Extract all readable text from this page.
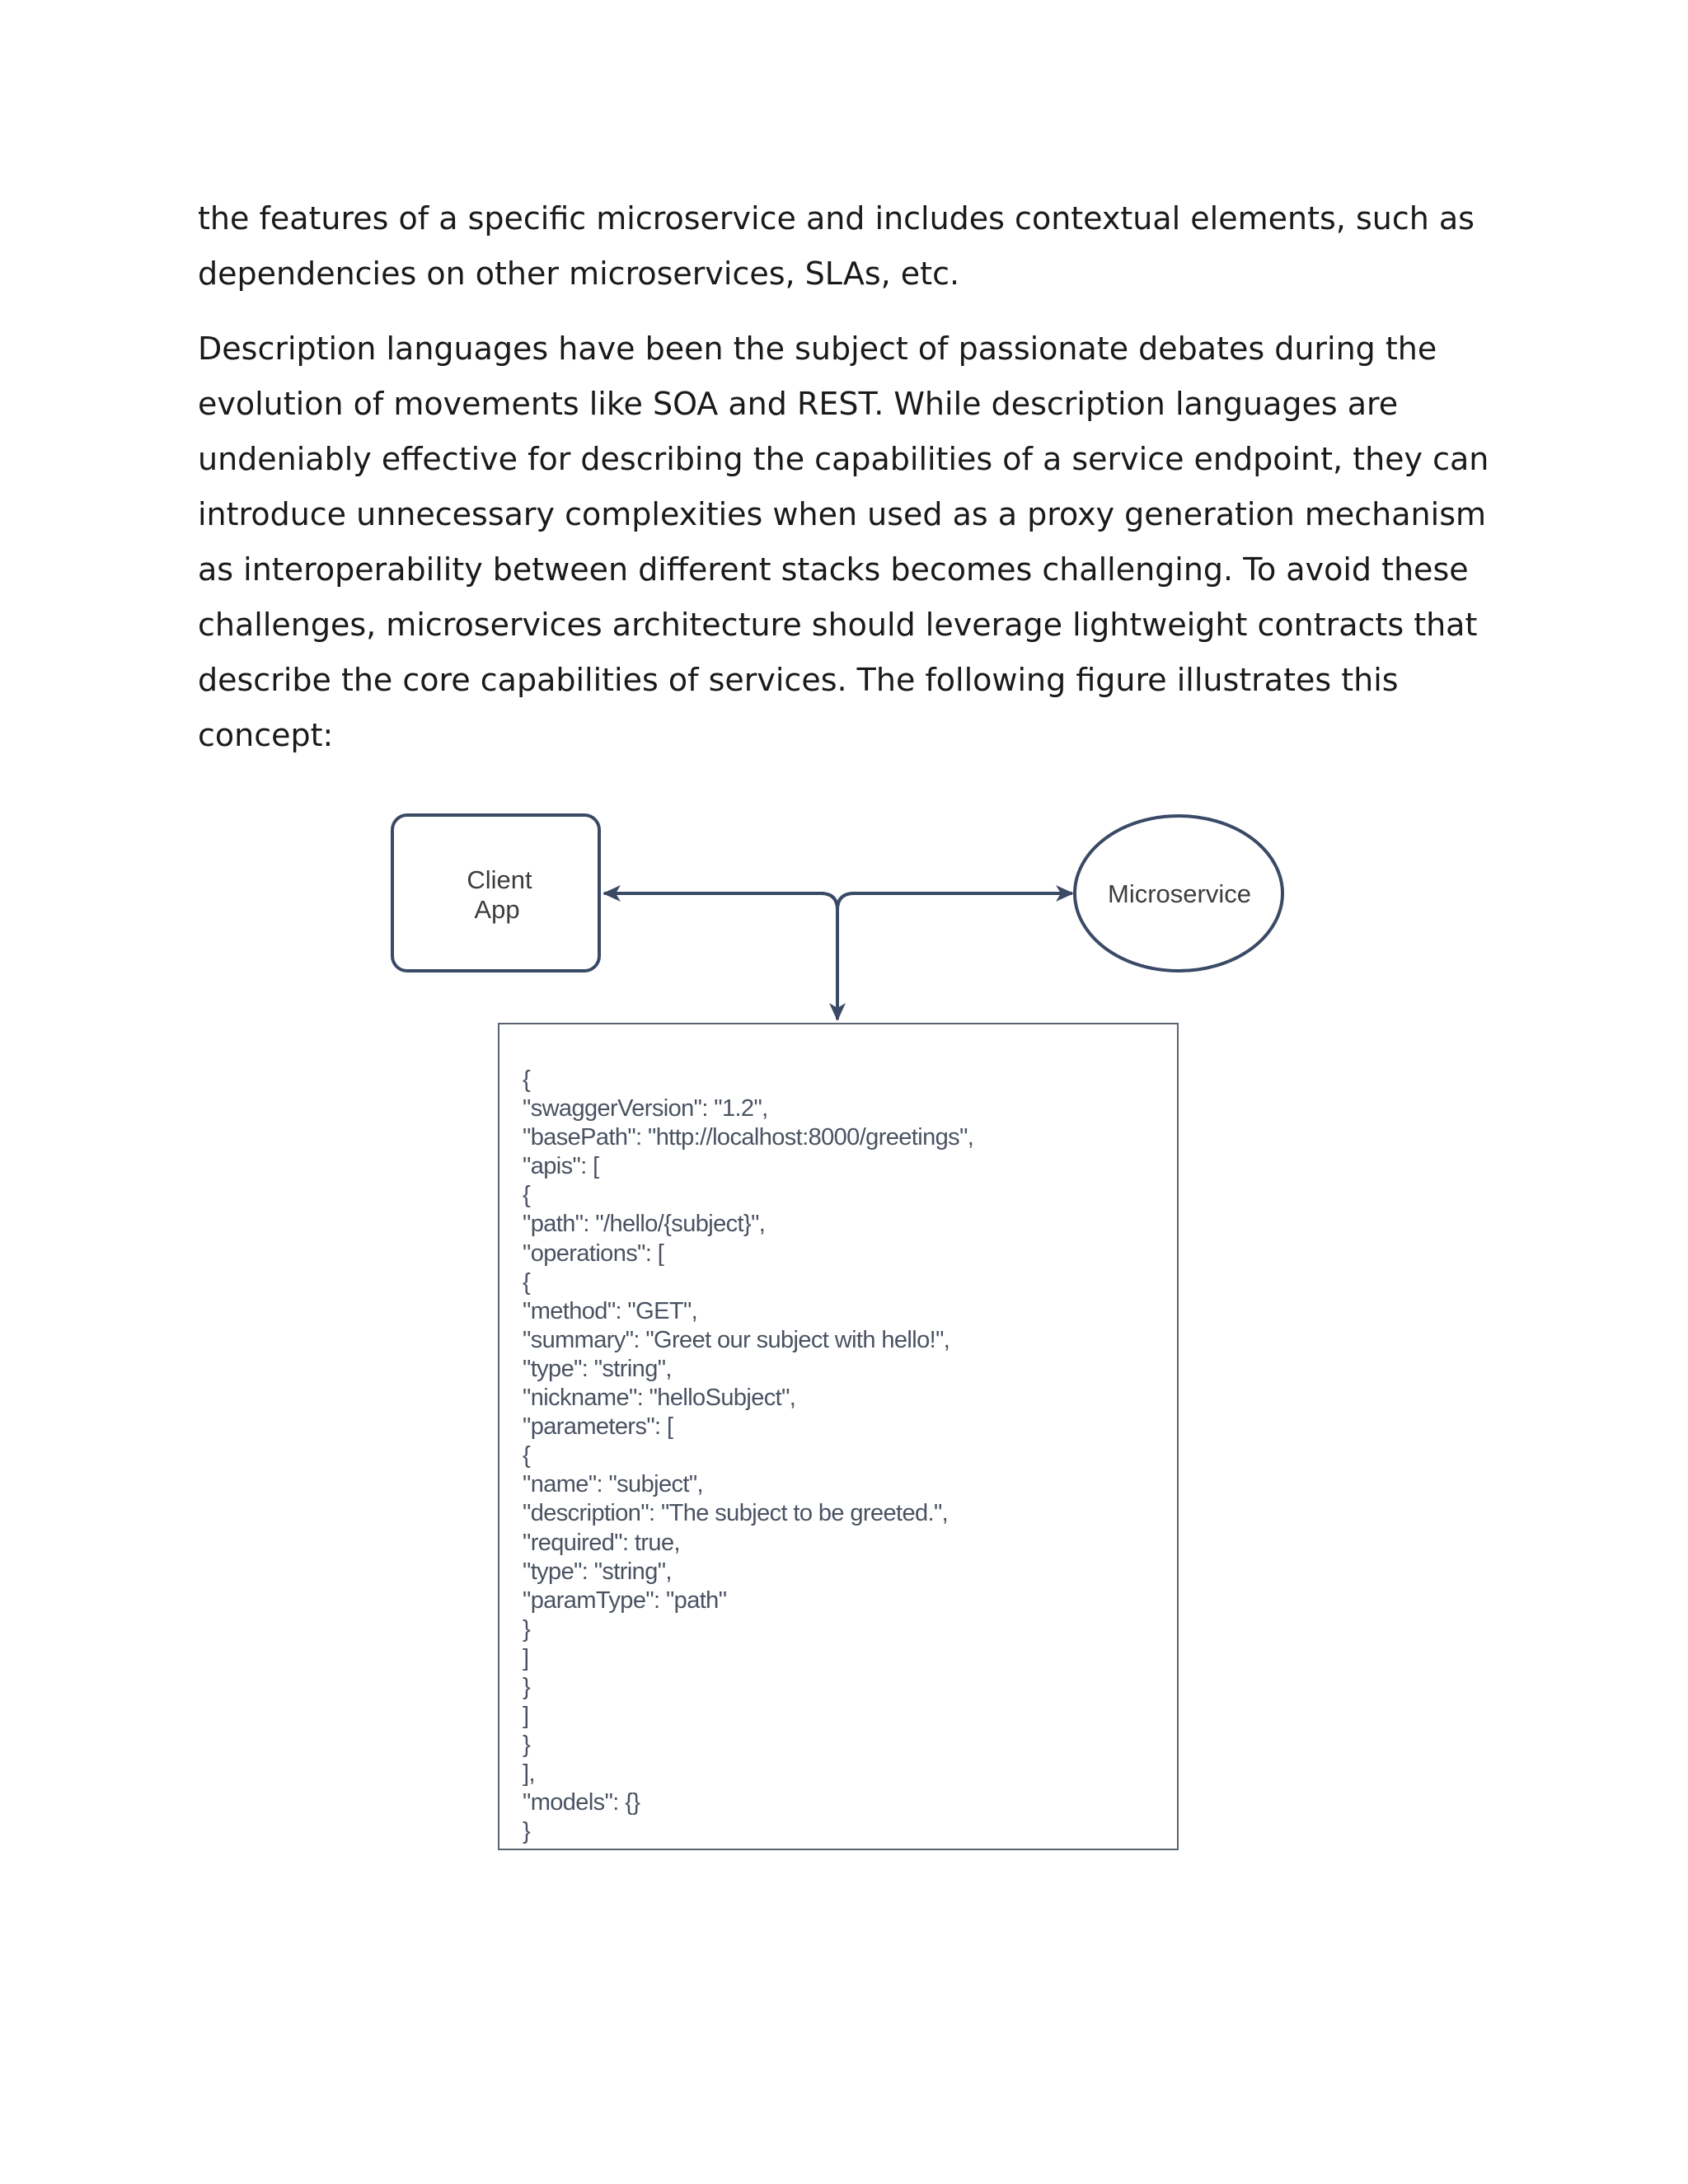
the features of a specific microservice and includes contextual elements, such as
dependencies on other microservices, SLAs, etc.
Description languages have been the subject of passionate debates during the
evolution of movements like SOA and REST. While description languages are
undeniably effective for describing the capabilities of a service endpoint, they can
introduce unnecessary complexities when used as a proxy generation mechanism
as interoperability between different stacks becomes challenging. To avoid these
challenges, microservices architecture should leverage lightweight contracts that
describe the core capabilities of services. The following figure illustrates this
concept:
Client
App
Microservice
{
"swaggerVersion": "1.2",
"basePath": "http://localhost:8000/greetings",
"apis": [
{
"path": "/hello/{subject}",
"operations": [
{
"method": "GET",
"summary": "Greet our subject with hello!",
"type": "string",
"nickname": "helloSubject",
"parameters": [
{
"name": "subject",
"description": "The subject to be greeted.",
"required": true,
"type": "string",
"paramType": "path"
}
]
}
]
}
],
"models": {}
}
